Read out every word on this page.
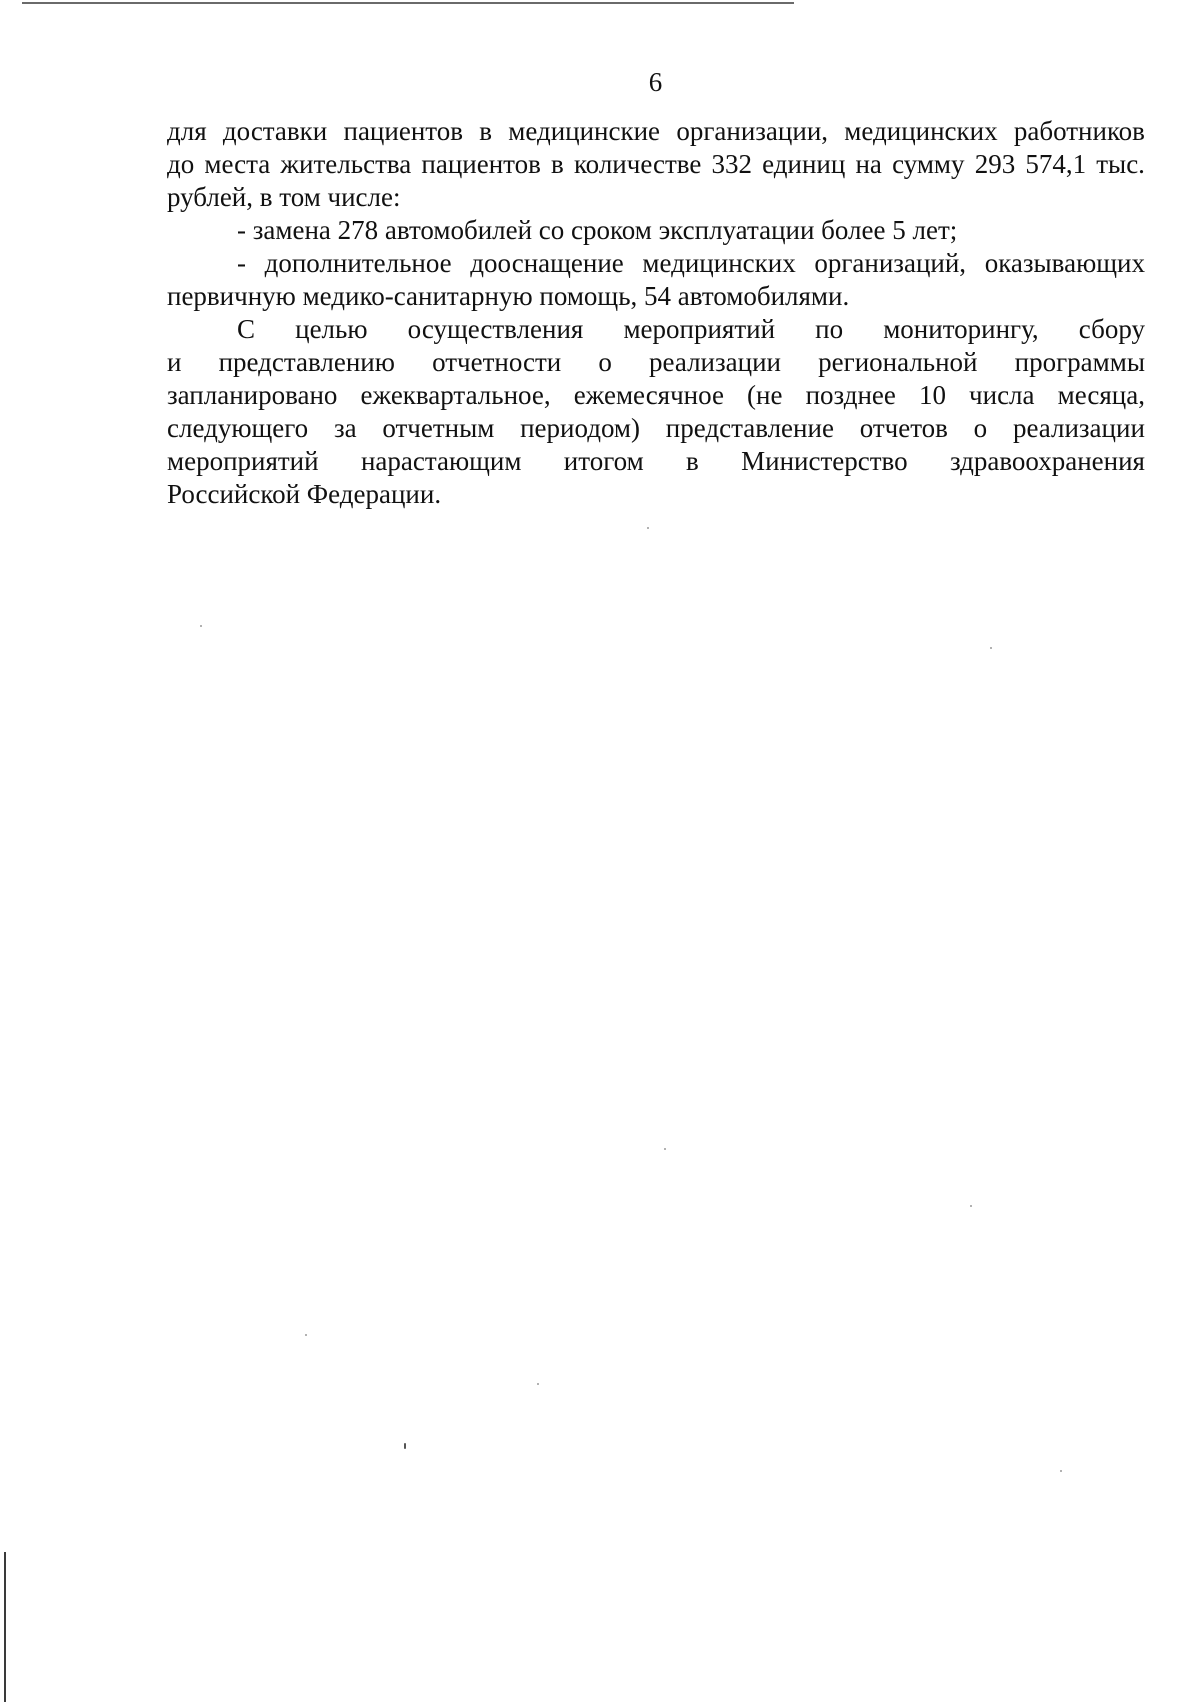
6
для доставки пациентов в медицинские организации, медицинских работников
до места жительства пациентов в количестве 332 единиц на сумму 293 574,1 тыс.
рублей, в том числе:
- замена 278 автомобилей со сроком эксплуатации более 5 лет;
- дополнительное дооснащение медицинских организаций, оказывающих
первичную медико-санитарную помощь, 54 автомобилями.
С целью осуществления мероприятий по мониторингу, сбору
и представлению отчетности о реализации региональной программы
запланировано ежеквартальное, ежемесячное (не позднее 10 числа месяца,
следующего за отчетным периодом) представление отчетов о реализации
мероприятий нарастающим итогом в Министерство здравоохранения
Российской Федерации.
